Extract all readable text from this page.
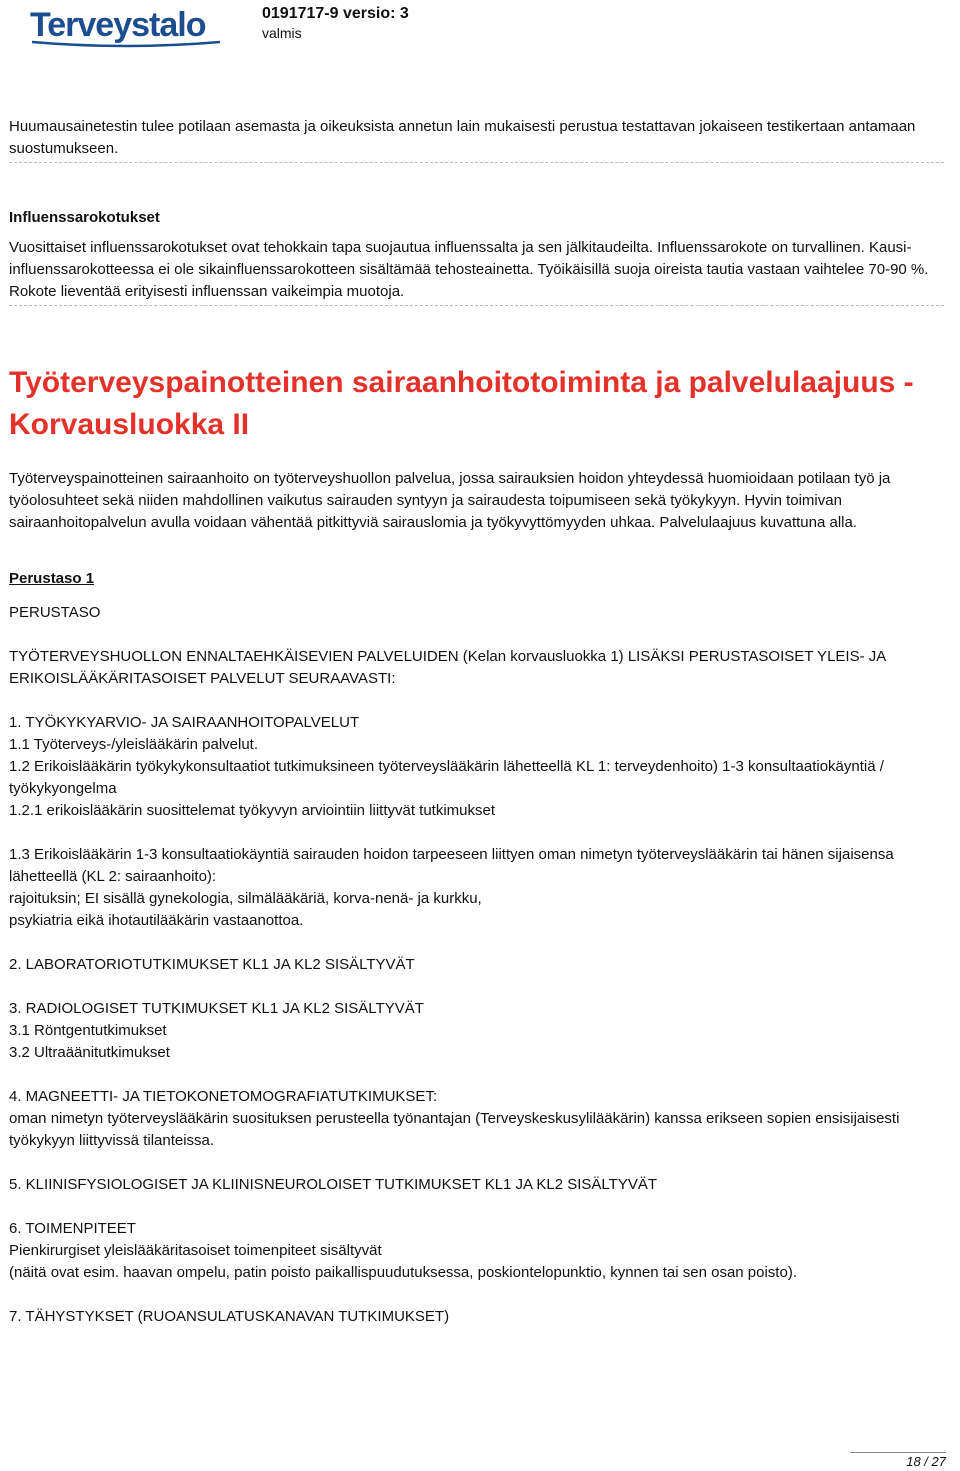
Terveystalo	0191717-9 versio: 3
valmis

Huumausainetestin tulee potilaan asemasta ja oikeuksista annetun lain mukaisesti perustua testattavan jokaiseen testikertaan antamaan suostumukseen.

Influenssarokotukset

Vuosittaiset influenssarokotukset ovat tehokkain tapa suojautua influenssalta ja sen jälkitaudeilta. Influenssarokote on turvallinen. Kausi-influenssarokotteessa ei ole sikainfluenssarokotteen sisältämää tehosteainetta. Työikäisillä suoja oireista tautia vastaan vaihtelee 70-90 %. Rokote lieventää erityisesti influenssan vaikeimpia muotoja.

Työterveyspainotteinen sairaanhoitotoiminta ja palvelulaajuus - Korvausluokka II

Työterveyspainotteinen sairaanhoito on työterveyshuollon palvelua, jossa sairauksien hoidon yhteydessä huomioidaan potilaan työ ja työolosuhteet sekä niiden mahdollinen vaikutus sairauden syntyyn ja sairaudesta toipumiseen sekä työkykyyn. Hyvin toimivan sairaanhoitopalvelun avulla voidaan vähentää pitkittyviä sairauslomia ja työkyvyttömyyden uhkaa. Palvelulaajuus kuvattuna alla.

Perustaso 1

PERUSTASO

TYÖTERVEYSHUOLLON ENNALTAEHKÄISEVIEN PALVELUIDEN (Kelan korvausluokka 1) LISÄKSI PERUSTASOISET YLEIS- JA ERIKOISLÄÄKÄRITASOISET PALVELUT SEURAAVASTI:

1. TYÖKYKYARVIO- JA SAIRAANHOITOPALVELUT

1.1 Työterveys-/yleislääkärin palvelut.

1.2 Erikoislääkärin työkykykonsultaatiot tutkimuksineen työterveyslääkärin lähetteellä KL 1: terveydenhoito) 1-3 konsultaatiokäyntiä / työkykyongelma

1.2.1 erikoislääkärin suosittelemat työkyvyn arviointiin liittyvät tutkimukset

1.3 Erikoislääkärin 1-3 konsultaatiokäyntiä sairauden hoidon tarpeeseen liittyen oman nimetyn työterveyslääkärin tai hänen sijaisensa lähetteellä (KL 2: sairaanhoito):

rajoituksin; EI sisällä gynekologia, silmälääkäriä, korva-nenä- ja kurkku,

psykiatria eikä ihotautilääkärin vastaanottoa.

2. LABORATORIOTUTKIMUKSET KL1 JA KL2 SISÄLTYVÄT

3. RADIOLOGISET TUTKIMUKSET KL1 JA KL2 SISÄLTYVÄT

3.1 Röntgentutkimukset

3.2 Ultraäänitutkimukset

4. MAGNEETTI- JA TIETOKONETOMOGRAFIATUTKIMUKSET:

oman nimetyn työterveyslääkärin suosituksen perusteella työnantajan (Terveyskeskusylilääkärin) kanssa erikseen sopien ensisijaisesti työkykyyn liittyvissä tilanteissa.

5. KLIINISFYSIOLOGISET JA KLIINISNEUROLOISET TUTKIMUKSET KL1 JA KL2 SISÄLTYVÄT

6. TOIMENPITEET

Pienkirurgiset yleislääkäritasoiset toimenpiteet sisältyvät

(näitä ovat esim. haavan ompelu, patin poisto paikallispuudutuksessa, poskiontelopunktio, kynnen tai sen osan poisto).

7. TÄHYSTYKSET (RUOANSULATUSKANAVAN TUTKIMUKSET)

18 / 27
